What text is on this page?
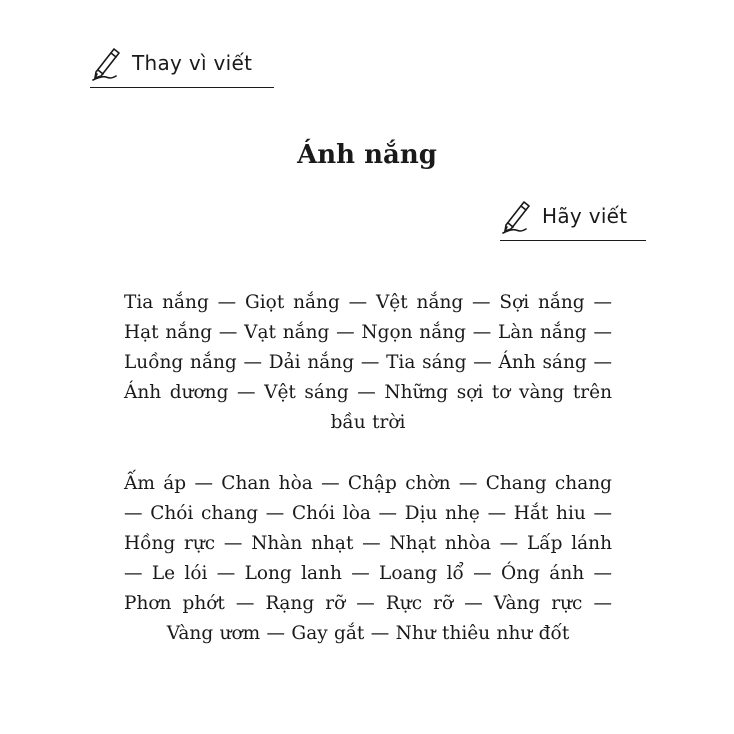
Thay vì viết
Ánh nắng
Hãy viết

Tia nắng — Giọt nắng — Vệt nắng — Sợi nắng — Hạt nắng — Vạt nắng — Ngọn nắng — Làn nắng — Luồng nắng — Dải nắng — Tia sáng — Ánh sáng — Ánh dương — Vệt sáng — Những sợi tơ vàng trên bầu trời

Ấm áp — Chan hòa — Chập chờn — Chang chang — Chói chang — Chói lòa — Dịu nhẹ — Hắt hiu — Hồng rực — Nhàn nhạt — Nhạt nhòa — Lấp lánh — Le lói — Long lanh — Loang lổ — Óng ánh — Phơn phớt — Rạng rỡ — Rực rỡ — Vàng rực — Vàng ươm — Gay gắt — Như thiêu như đốt
